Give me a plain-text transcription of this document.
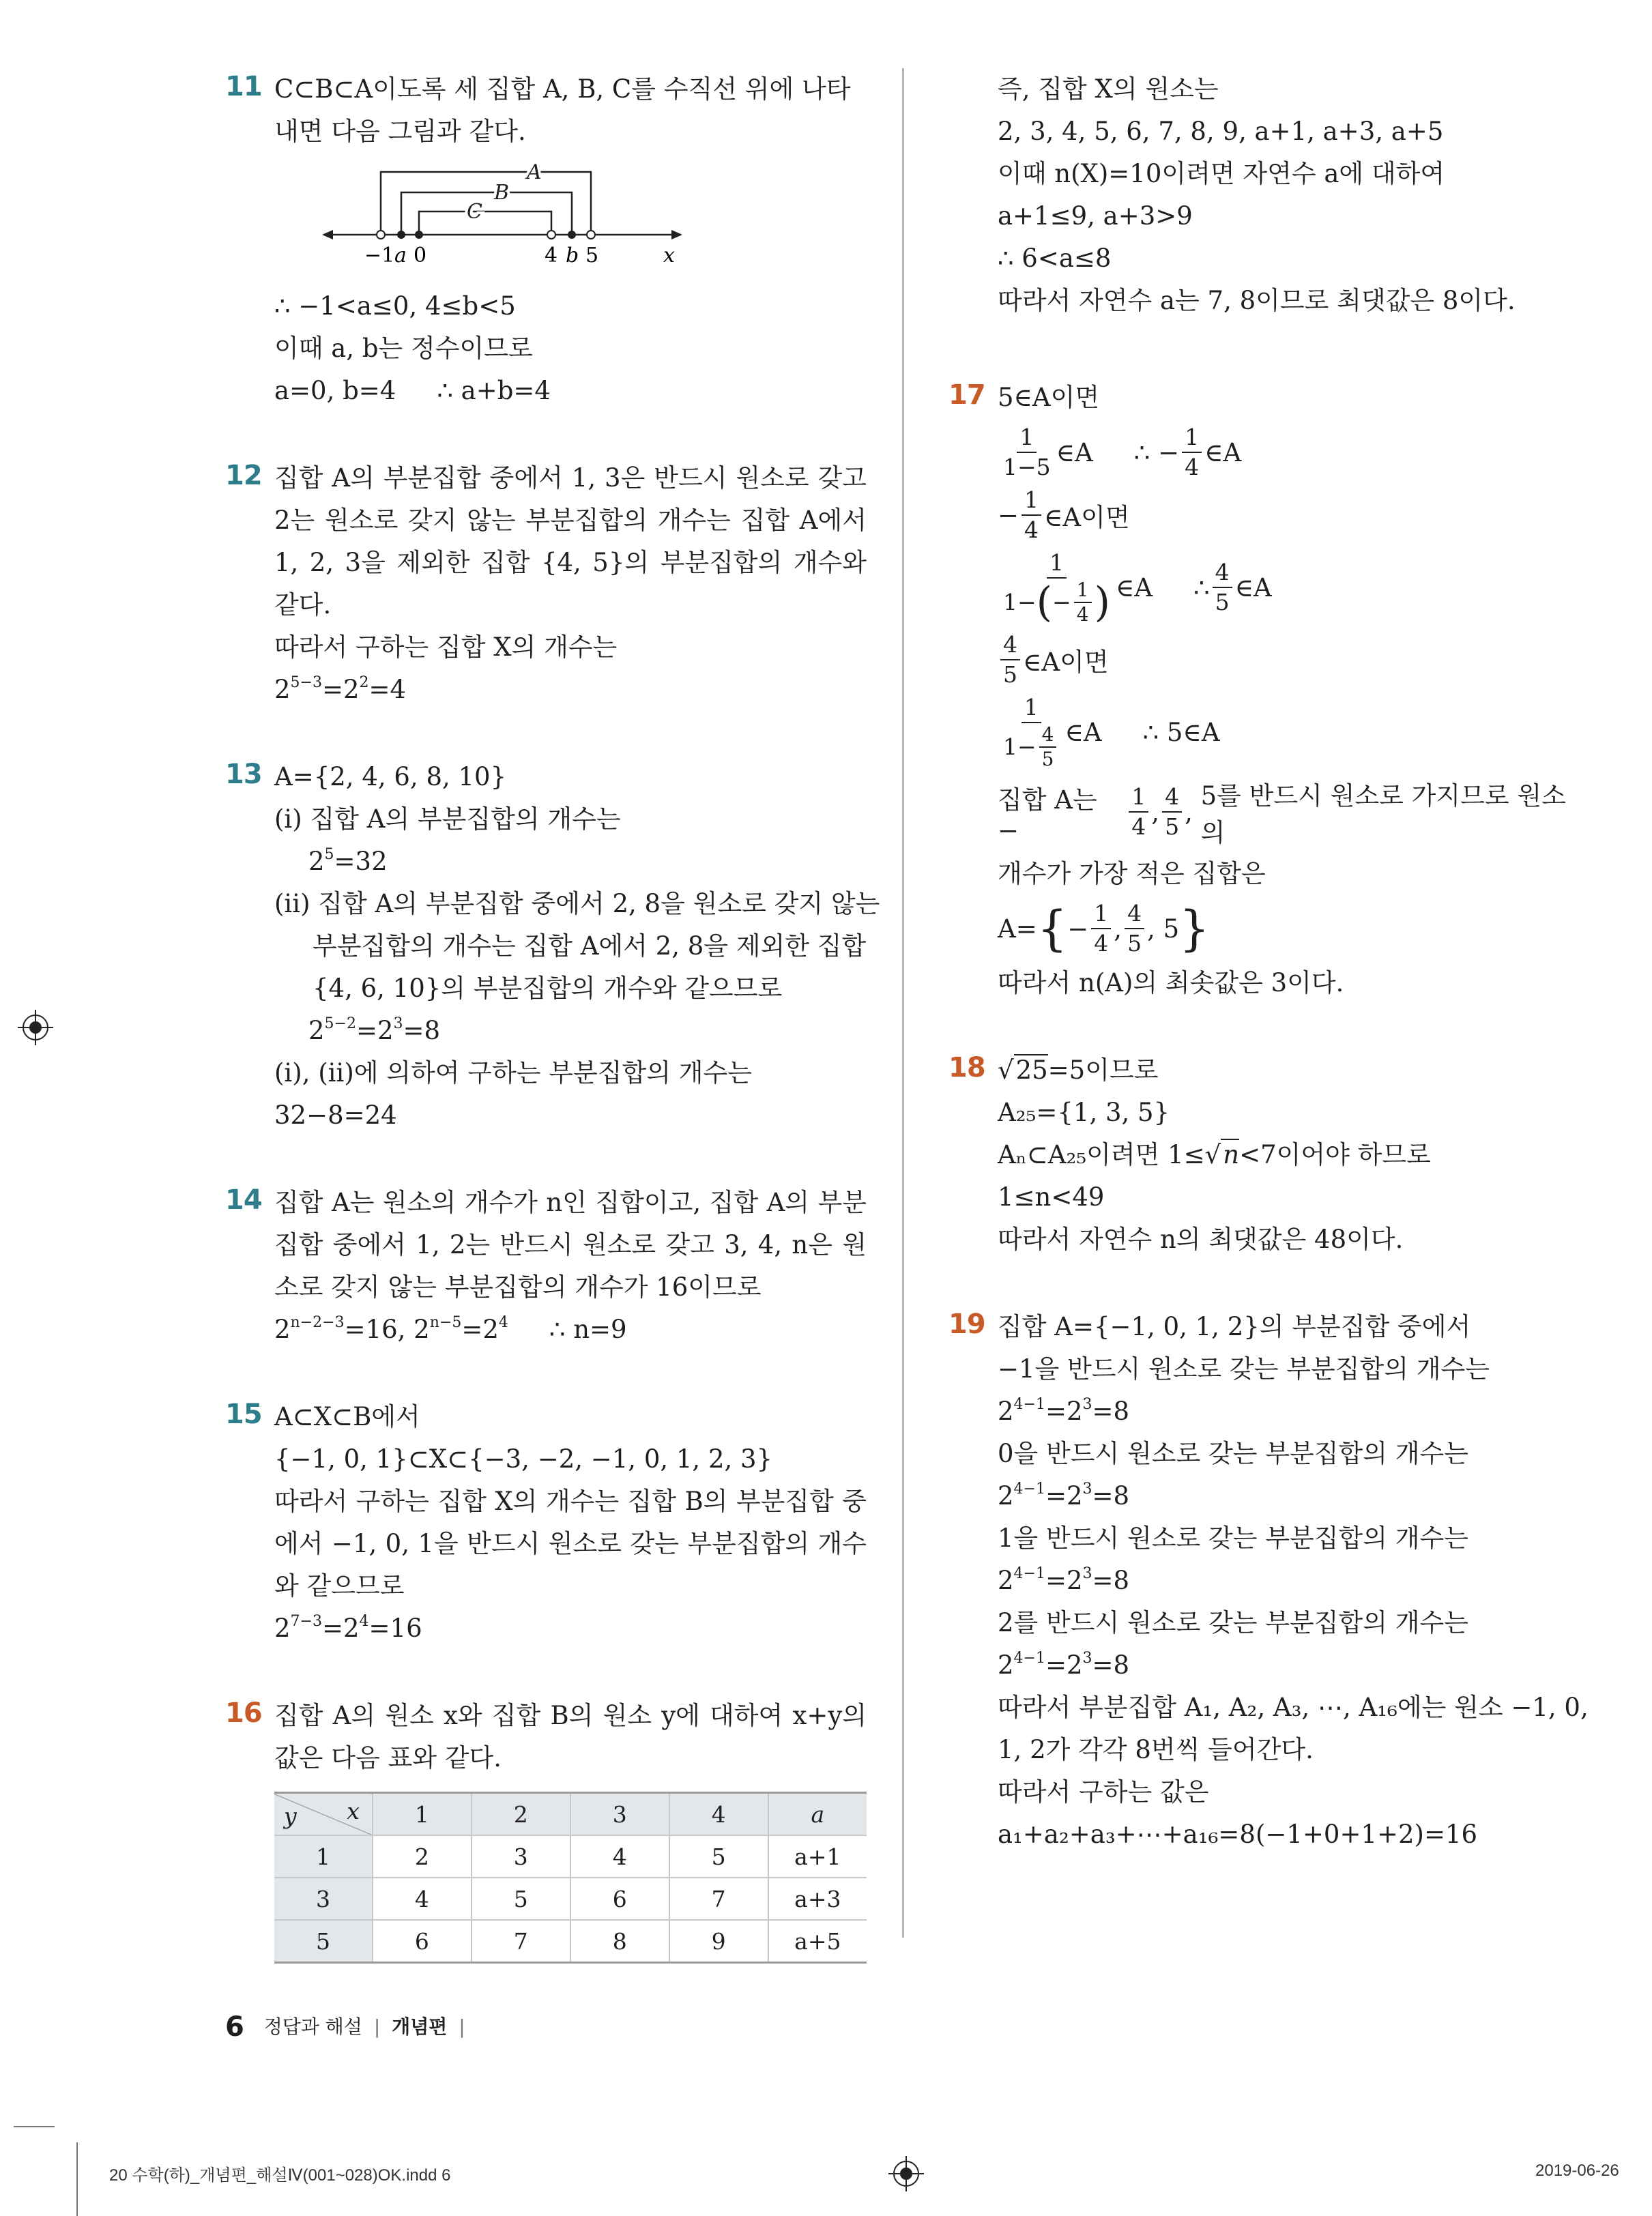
11 C⊂B⊂A이도록 세 집합 A, B, C를 수직선 위에 나타
내면 다음 그림과 같다.
A
B
C
−1 a 0	4 b 5	x
∴ −1<a≤0, 4≤b<5
이때 a, b는 정수이므로
a=0, b=4 ∴ a+b=4
12 집합 A의 부분집합 중에서 1, 3은 반드시 원소로 갖고 2는 원소로 갖지 않는 부분집합의 개수는 집합 A에서 1, 2, 3을 제외한 집합 {4, 5}의 부분집합의 개수와 같다.
따라서 구하는 집합 X의 개수는
$2^{5-3}=2^2=4$
13 A={2, 4, 6, 8, 10}
(ⅰ) 집합 A의 부분집합의 개수는
$2^5=32$
(ⅱ) 집합 A의 부분집합 중에서 2, 8을 원소로 갖지 않는
부분집합의 개수는 집합 A에서 2, 8을 제외한 집합
{4, 6, 10}의 부분집합의 개수와 같으므로
$2^{5-2}=2^3=8$
(ⅰ), (ⅱ)에 의하여 구하는 부분집합의 개수는
32−8=24
14 집합 A는 원소의 개수가 n인 집합이고, 집합 A의 부분집합 중에서 1, 2는 반드시 원소로 갖고 3, 4, n은 원소로 갖지 않는 부분집합의 개수가 16이므로
$2^{n-2-3}=16$, $2^{n-5}=2^4$ ∴ n=9
15 A⊂X⊂B에서
{−1, 0, 1}⊂X⊂{−3, −2, −1, 0, 1, 2, 3}
따라서 구하는 집합 X의 개수는 집합 B의 부분집합 중에서 −1, 0, 1을 반드시 원소로 갖는 부분집합의 개수와 같으므로
$2^{7-3}=2^4=16$
16 집합 A의 원소 x와 집합 B의 원소 y에 대하여 x+y의 값은 다음 표와 같다.
y x	1	2	3	4	a
1	2	3	4	5	a+1
3	4	5	6	7	a+3
5	6	7	8	9	a+5
즉, 집합 X의 원소는
2, 3, 4, 5, 6, 7, 8, 9, a+1, a+3, a+5
이때 n(X)=10이려면 자연수 a에 대하여
a+1≤9, a+3>9
∴ 6<a≤8
따라서 자연수 a는 7, 8이므로 최댓값은 8이다.
17 5∈A이면
$\frac{1}{1-5}$ ∈A ∴
− $\frac{1}{4}$ ∈A
− $\frac{1}{4}$ ∈A이면
$\frac{1}{1- ( - \frac{1}{4} )}$ ∈A ∴ $\frac{4}{5}$ ∈A
$\frac{4}{5}$ ∈A이면
$\frac{1}{1- \frac{4}{5}}$ ∈A ∴ 5∈A
집합 A는 −	$\frac{1}{4}$ , $\frac{4}{5}$ ,
5를 반드시 원소로 가지므로 원소의
개수가 가장 적은 집합은
A= { − $\frac{1}{4}$ , $\frac{4}{5}$ , 5 }
따라서 n(A)의 최솟값은 3이다.
18 √25=5이므로
A₂₅={1, 3, 5}
Aₙ⊂A₂₅이려면 1≤√n<7이어야 하므로
1≤n<49
따라서 자연수 n의 최댓값은 48이다.
19 집합 A={−1, 0, 1, 2}의 부분집합 중에서
−1을 반드시 원소로 갖는 부분집합의 개수는
$2^{4-1}=2^3=8$
0을 반드시 원소로 갖는 부분집합의 개수는
$2^{4-1}=2^3=8$
1을 반드시 원소로 갖는 부분집합의 개수는
$2^{4-1}=2^3=8$
2를 반드시 원소로 갖는 부분집합의 개수는
$2^{4-1}=2^3=8$
따라서 부분집합 A₁, A₂, A₃, ⋯, A₁₆에는 원소 −1, 0,
1, 2가 각각 8번씩 들어간다.
따라서 구하는 값은
a₁+a₂+a₃+⋯+a₁₆=8(−1+0+1+2)=16
6 정답과 해설 | 개념편 |
20 수학(하)_개념편_해설Ⅳ(001~028)OK.indd 6	2019-06-26
